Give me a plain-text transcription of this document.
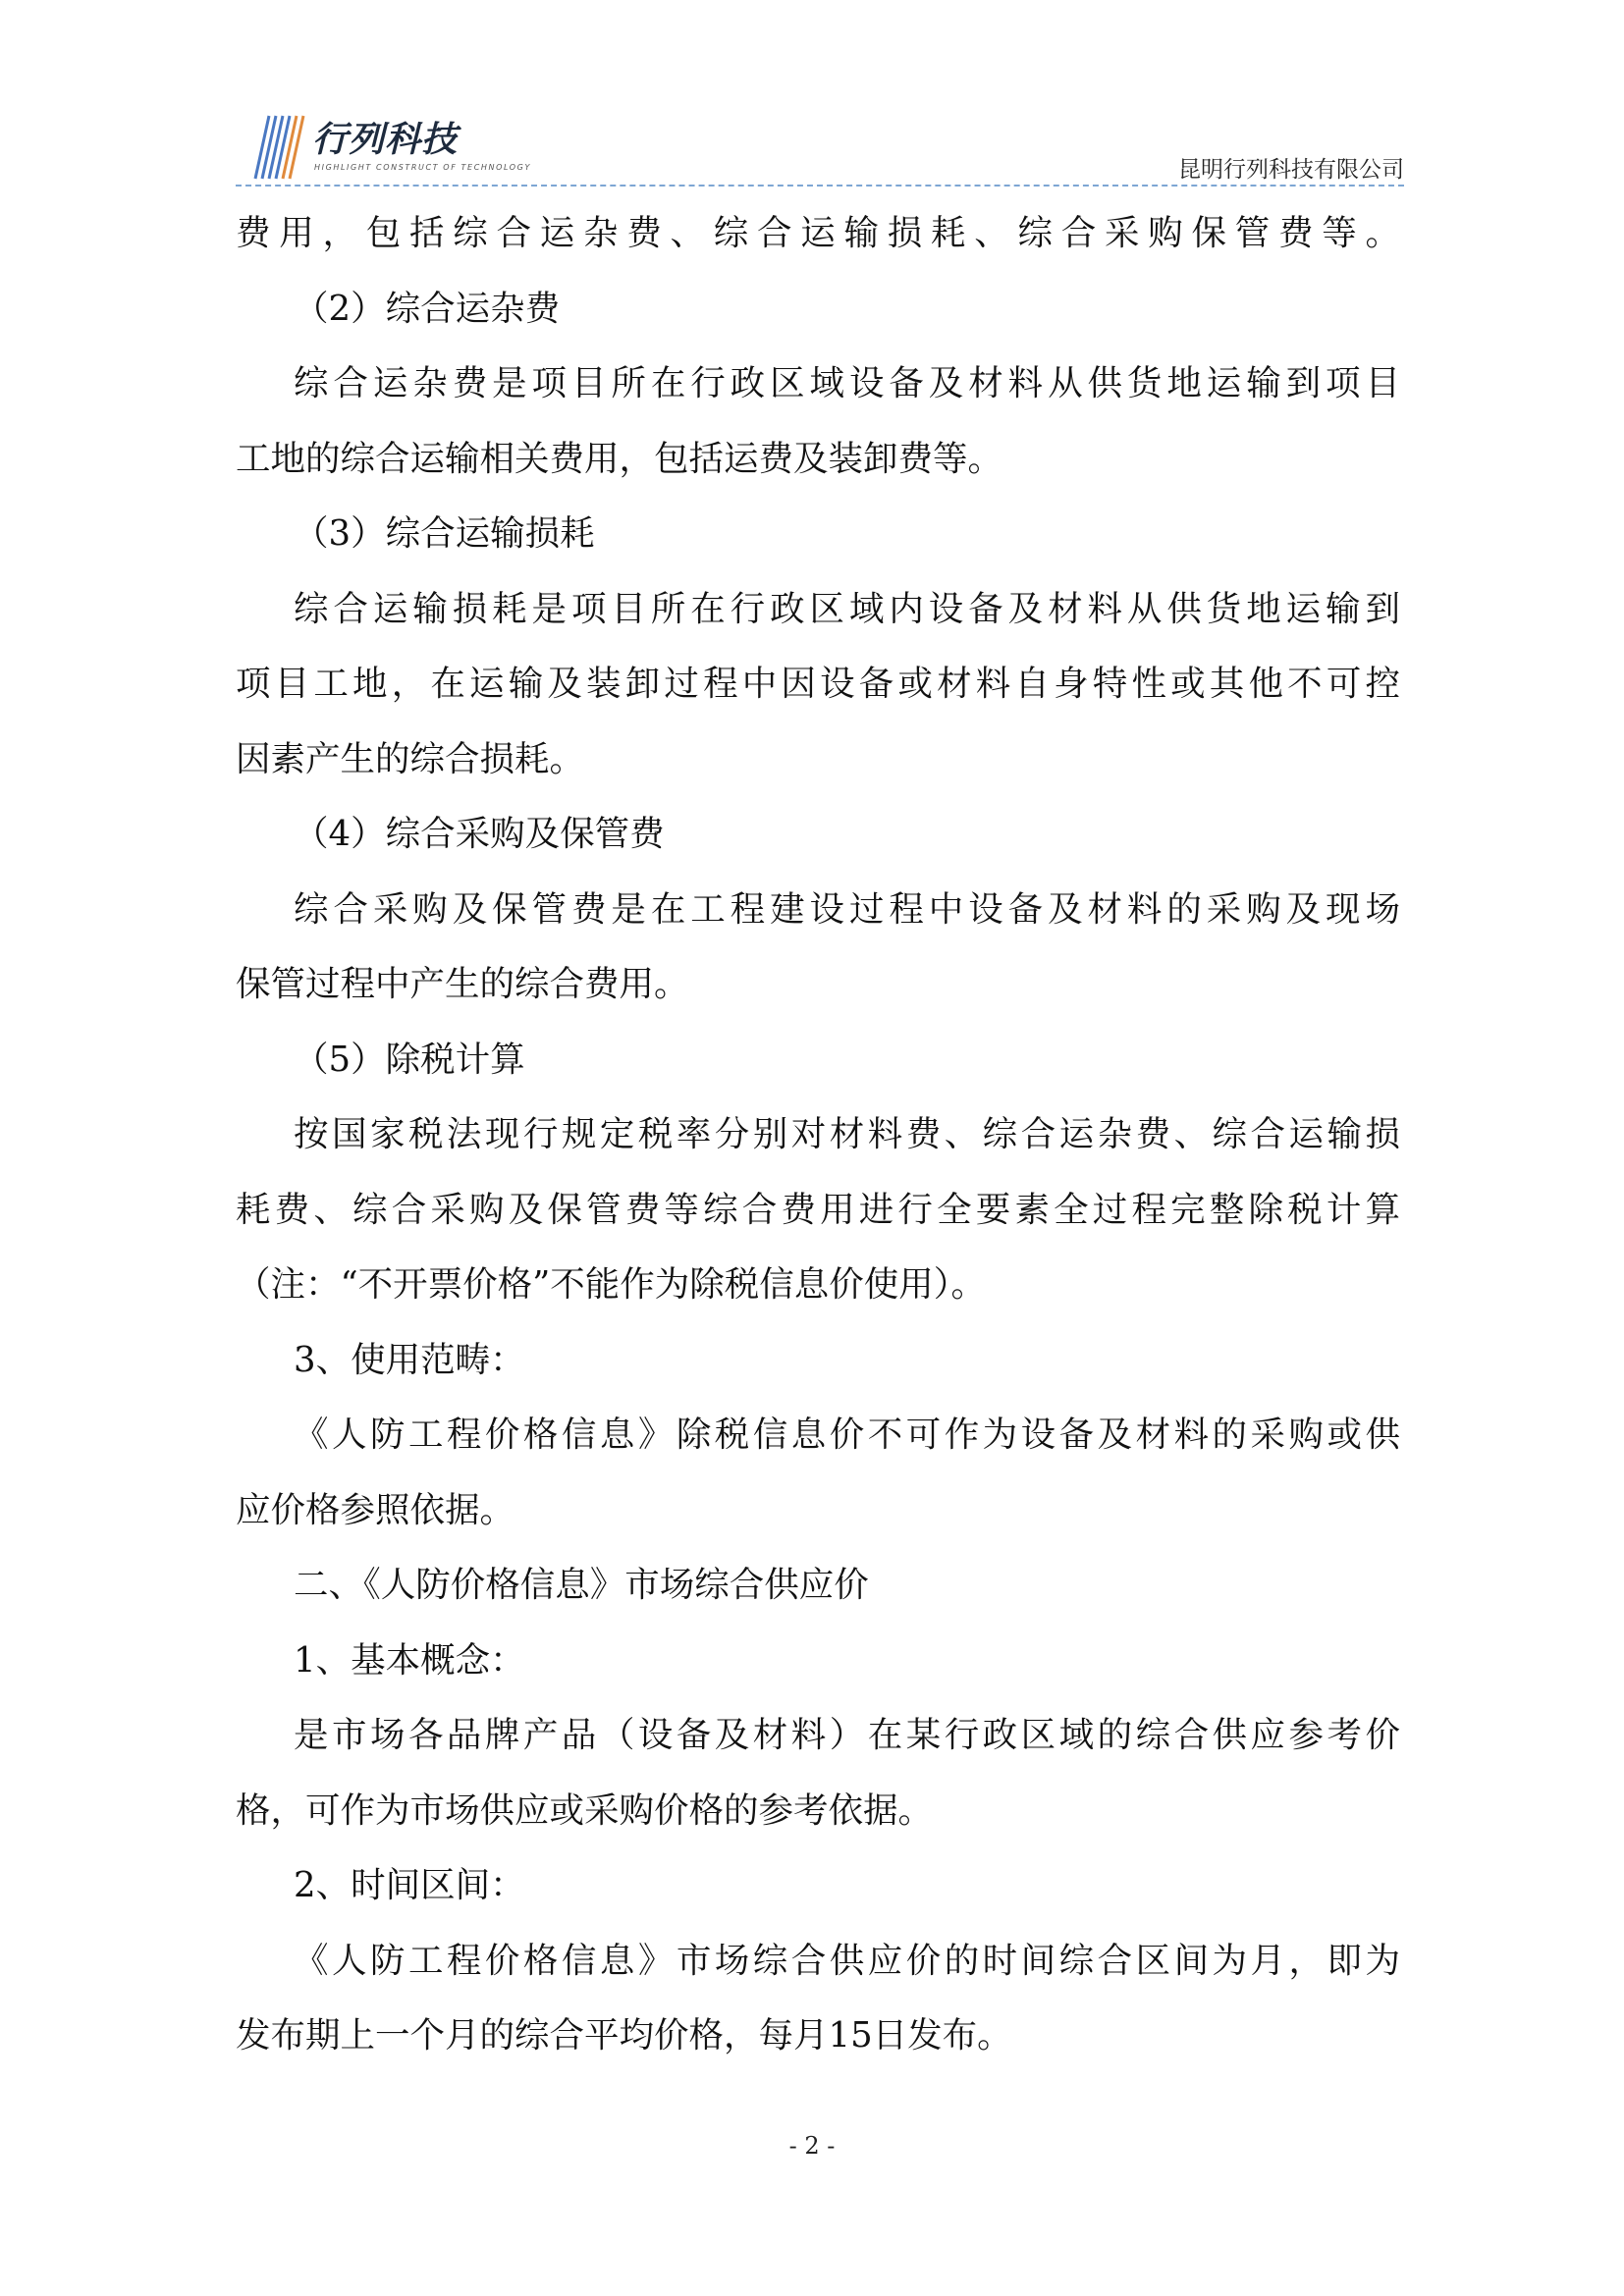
行列科技
HIGHLIGHT CONSTRUCT OF TECHNOLOGY	昆明行列科技有限公司
费用，包括综合运杂费、综合运输损耗、综合采购保管费等。
（2）综合运杂费
综合运杂费是项目所在行政区域设备及材料从供货地运输到项目
工地的综合运输相关费用，包括运费及装卸费等。
（3）综合运输损耗
综合运输损耗是项目所在行政区域内设备及材料从供货地运输到
项目工地，在运输及装卸过程中因设备或材料自身特性或其他不可控
因素产生的综合损耗。
（4）综合采购及保管费
综合采购及保管费是在工程建设过程中设备及材料的采购及现场
保管过程中产生的综合费用。
（5）除税计算
按国家税法现行规定税率分别对材料费、综合运杂费、综合运输损
耗费、综合采购及保管费等综合费用进行全要素全过程完整除税计算
（注：“不开票价格”不能作为除税信息价使用）。
3、使用范畴：
《人防工程价格信息》除税信息价不可作为设备及材料的采购或供
应价格参照依据。
二、《人防价格信息》市场综合供应价
1、基本概念：
是市场各品牌产品（设备及材料）在某行政区域的综合供应参考价
格，可作为市场供应或采购价格的参考依据。
2、时间区间：
《人防工程价格信息》市场综合供应价的时间综合区间为月，即为
发布期上一个月的综合平均价格，每月15日发布。
- 2 -
